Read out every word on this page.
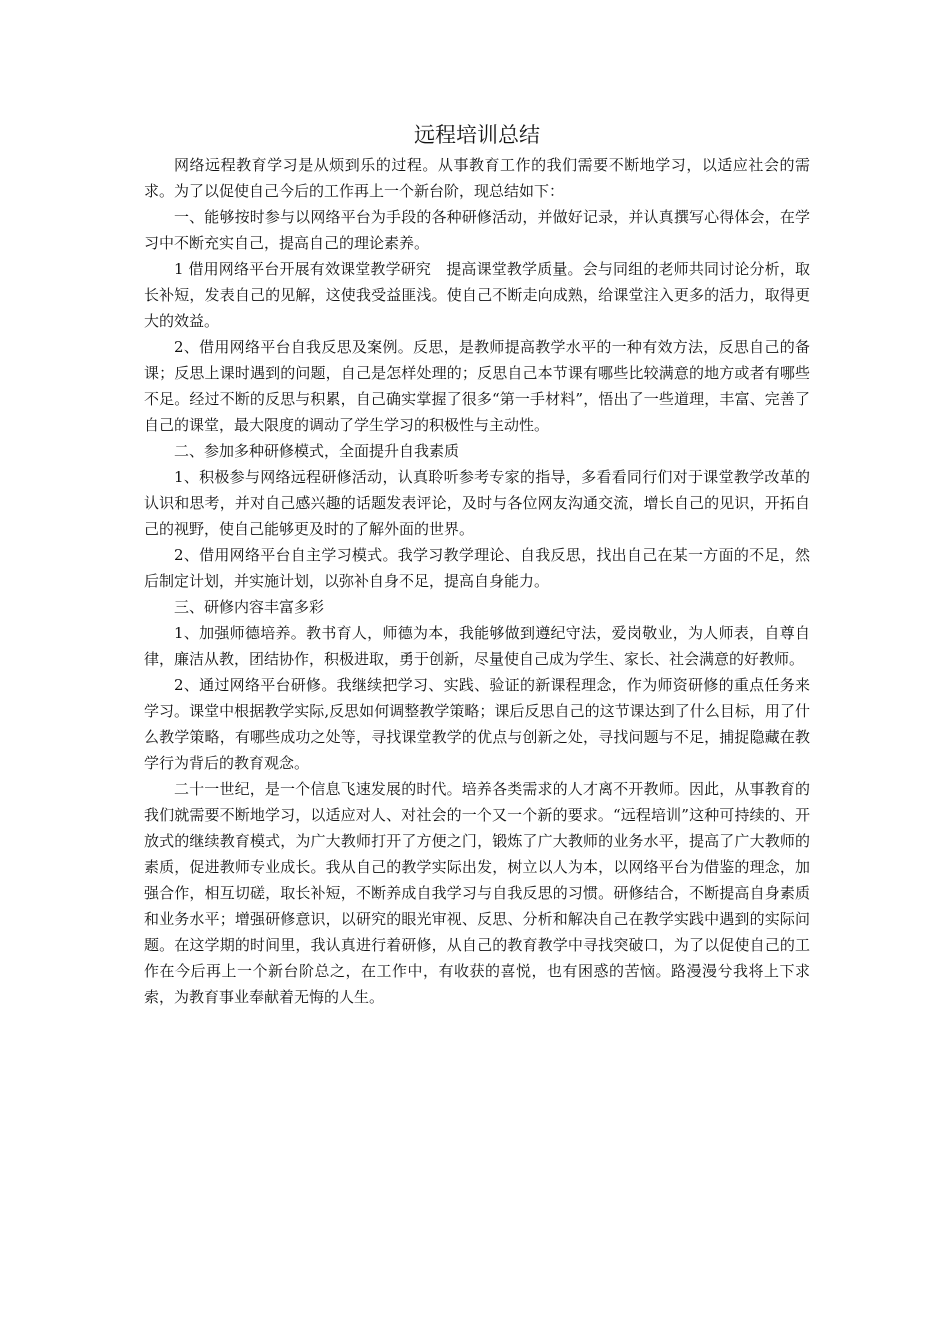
远程培训总结

网络远程教育学习是从烦到乐的过程。从事教育工作的我们需要不断地学习，以适应社会的需求。为了以促使自己今后的工作再上一个新台阶，现总结如下：

一、能够按时参与以网络平台为手段的各种研修活动，并做好记录，并认真撰写心得体会，在学习中不断充实自己，提高自己的理论素养。

1 借用网络平台开展有效课堂教学研究　提高课堂教学质量。会与同组的老师共同讨论分析，取长补短，发表自己的见解，这使我受益匪浅。使自己不断走向成熟，给课堂注入更多的活力，取得更大的效益。

2、借用网络平台自我反思及案例。反思，是教师提高教学水平的一种有效方法，反思自己的备课；反思上课时遇到的问题，自己是怎样处理的；反思自己本节课有哪些比较满意的地方或者有哪些不足。经过不断的反思与积累，自己确实掌握了很多“第一手材料”，悟出了一些道理，丰富、完善了自己的课堂，最大限度的调动了学生学习的积极性与主动性。

二、参加多种研修模式，全面提升自我素质

1、积极参与网络远程研修活动，认真聆听参考专家的指导，多看看同行们对于课堂教学改革的认识和思考，并对自己感兴趣的话题发表评论，及时与各位网友沟通交流，增长自己的见识，开拓自己的视野，使自己能够更及时的了解外面的世界。

2、借用网络平台自主学习模式。我学习教学理论、自我反思，找出自己在某一方面的不足，然后制定计划，并实施计划，以弥补自身不足，提高自身能力。

三、研修内容丰富多彩

1、加强师德培养。教书育人，师德为本，我能够做到遵纪守法，爱岗敬业，为人师表，自尊自律，廉洁从教，团结协作，积极进取，勇于创新，尽量使自己成为学生、家长、社会满意的好教师。

2、通过网络平台研修。我继续把学习、实践、验证的新课程理念，作为师资研修的重点任务来学习。课堂中根据教学实际,反思如何调整教学策略；课后反思自己的这节课达到了什么目标，用了什么教学策略，有哪些成功之处等，寻找课堂教学的优点与创新之处，寻找问题与不足，捕捉隐藏在教学行为背后的教育观念。

二十一世纪，是一个信息飞速发展的时代。培养各类需求的人才离不开教师。因此，从事教育的我们就需要不断地学习，以适应对人、对社会的一个又一个新的要求。“远程培训”这种可持续的、开放式的继续教育模式，为广大教师打开了方便之门，锻炼了广大教师的业务水平，提高了广大教师的素质，促进教师专业成长。我从自己的教学实际出发，树立以人为本，以网络平台为借鉴的理念，加强合作，相互切磋，取长补短，不断养成自我学习与自我反思的习惯。研修结合，不断提高自身素质和业务水平；增强研修意识，以研究的眼光审视、反思、分析和解决自己在教学实践中遇到的实际问题。在这学期的时间里，我认真进行着研修，从自己的教育教学中寻找突破口，为了以促使自己的工作在今后再上一个新台阶总之，在工作中，有收获的喜悦，也有困惑的苦恼。路漫漫兮我将上下求索，为教育事业奉献着无悔的人生。
